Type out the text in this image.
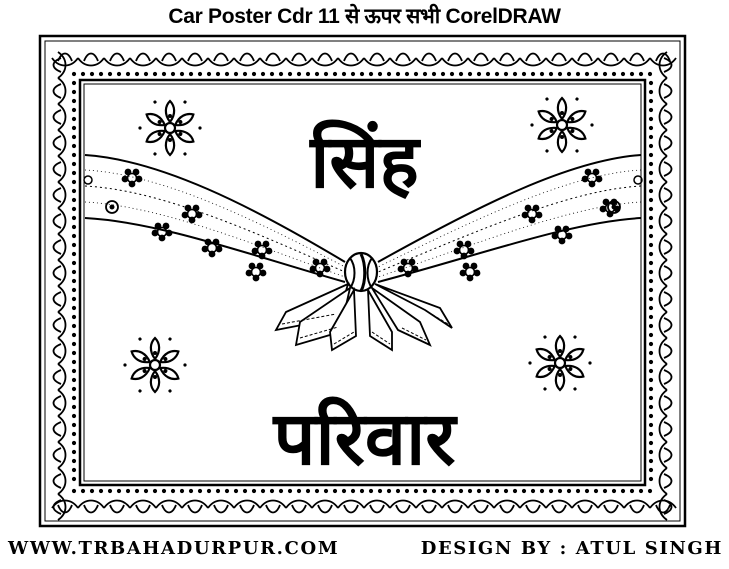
Car Poster Cdr 11 से ऊपर सभी CorelDRAW
सिंह
परिवार
WWW.TRBAHADURPUR.COM	DESIGN BY : ATUL SINGH
